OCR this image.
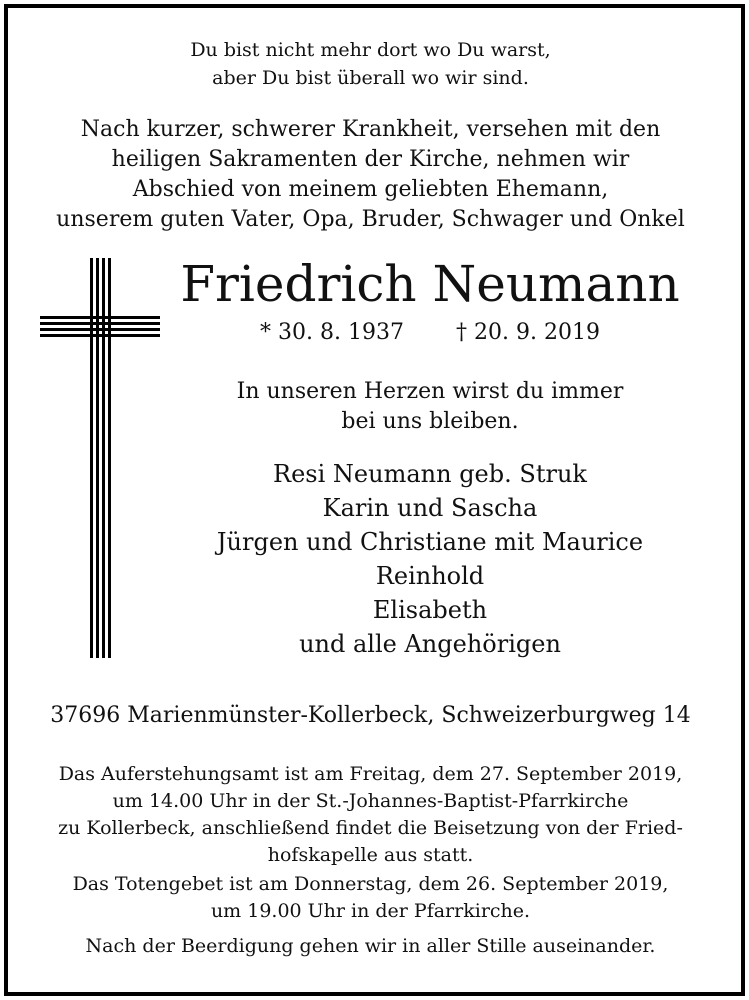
Du bist nicht mehr dort wo Du warst,
aber Du bist überall wo wir sind.
Nach kurzer, schwerer Krankheit, versehen mit den
heiligen Sakramenten der Kirche, nehmen wir
Abschied von meinem geliebten Ehemann,
unserem guten Vater, Opa, Bruder, Schwager und Onkel
Friedrich Neumann
* 30. 8. 1937 † 20. 9. 2019
In unseren Herzen wirst du immer
bei uns bleiben.
Resi Neumann geb. Struk
Karin und Sascha
Jürgen und Christiane mit Maurice
Reinhold
Elisabeth
und alle Angehörigen
37696 Marienmünster-Kollerbeck, Schweizerburgweg 14
Das Auferstehungsamt ist am Freitag, dem 27. September 2019,
um 14.00 Uhr in der St.-Johannes-Baptist-Pfarrkirche
zu Kollerbeck, anschließend findet die Beisetzung von der Fried-
hofskapelle aus statt.
Das Totengebet ist am Donnerstag, dem 26. September 2019,
um 19.00 Uhr in der Pfarrkirche.
Nach der Beerdigung gehen wir in aller Stille auseinander.
